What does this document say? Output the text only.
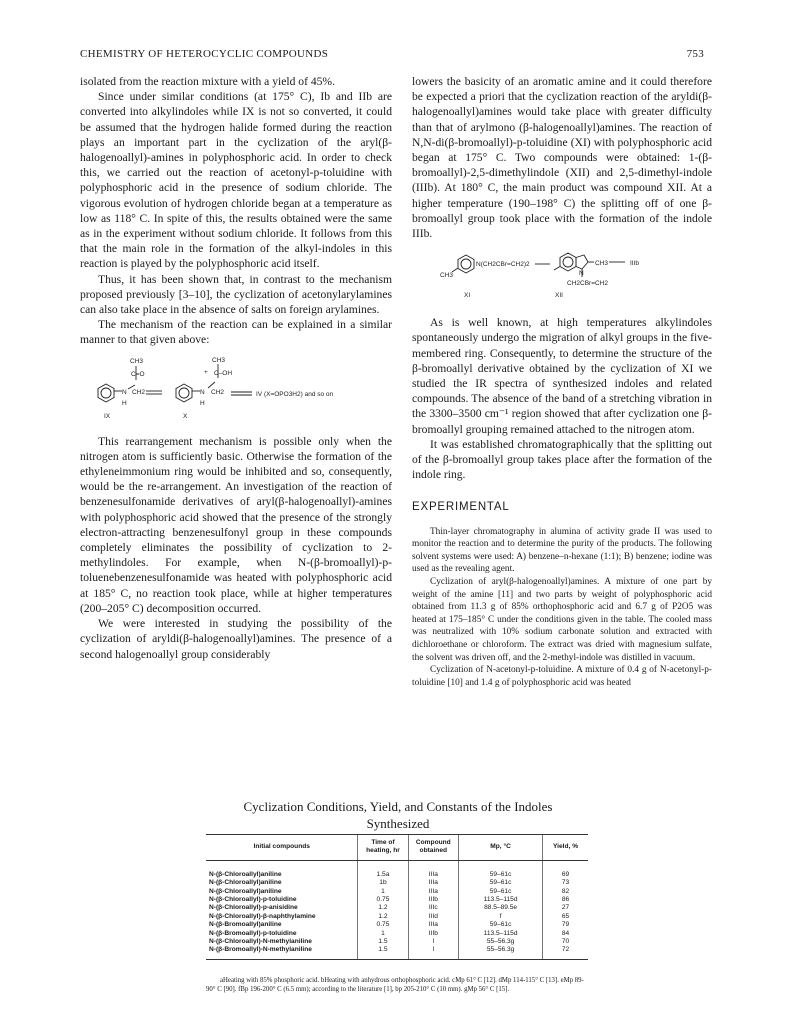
CHEMISTRY OF HETEROCYCLIC COMPOUNDS	753

isolated from the reaction mixture with a yield of 45%.

Since under similar conditions (at 175° C), Ib and IIb are converted into alkylindoles while IX is not so converted, it could be assumed that the hydrogen halide formed during the reaction plays an important part in the cyclization of the aryl(β-halogenoallyl)-amines in polyphosphoric acid. In order to check this, we carried out the reaction of acetonyl-p-toluidine with polyphosphoric acid in the presence of sodium chloride. The vigorous evolution of hydrogen chloride began at a temperature as low as 118° C. In spite of this, the results obtained were the same as in the experiment without sodium chloride. It follows from this that the main role in the formation of the alkyl-indoles in this reaction is played by the polyphosphoric acid itself.

Thus, it has been shown that, in contrast to the mechanism proposed previously [3–10], the cyclization of acetonylarylamines can also take place in the absence of salts on foreign arylamines.

The mechanism of the reaction can be explained in a similar manner to that given above:

CH3
C=O
H
N CH2
CH3
C–OH
+
N
H
CH2	IV (X=OPO3H2) and so on
IX	X

This rearrangement mechanism is possible only when the nitrogen atom is sufficiently basic. Otherwise the formation of the ethyleneimmonium ring would be inhibited and so, consequently, would be the re-arrangement. An investigation of the reaction of benzenesulfonamide derivatives of aryl(β-halogenoallyl)-amines with polyphosphoric acid showed that the presence of the strongly electron-attracting benzenesulfonyl group in these compounds completely eliminates the possibility of cyclization to 2-methylindoles. For example, when N-(β-bromoallyl)-p-toluenebenzenesulfonamide was heated with polyphosphoric acid at 185° C, no reaction took place, while at higher temperatures (200–205° C) decomposition occurred.

We were interested in studying the possibility of the cyclization of aryldi(β-halogenoallyl)amines. The presence of a second halogenoallyl group considerably

lowers the basicity of an aromatic amine and it could therefore be expected a priori that the cyclization reaction of the aryldi(β-halogenoallyl)amines would take place with greater difficulty than that of arylmono (β-halogenoallyl)amines. The reaction of N,N-di(β-bromoallyl)-p-toluidine (XI) with polyphosphoric acid began at 175° C. Two compounds were obtained: 1-(β-bromoallyl)-2,5-dimethylindole (XII) and 2,5-dimethyl-indole (IIIb). At 180° C, the main product was compound XII. At a higher temperature (190–198° C) the splitting off of one β-bromoallyl group took place with the formation of the indole IIIb.

N(CH2CBr=CH2)2
CH3
CH3
N
CH2CBr=CH2
IIIb
XI	XII

As is well known, at high temperatures alkylindoles spontaneously undergo the migration of alkyl groups in the five-membered ring. Consequently, to determine the structure of the β-bromoallyl derivative obtained by the cyclization of XI we studied the IR spectra of synthesized indoles and related compounds. The absence of the band of a stretching vibration in the 3300–3500 cm⁻¹ region showed that after cyclization one β-bromoallyl grouping remained attached to the nitrogen atom.

It was established chromatographically that the splitting out of the β-bromoallyl group takes place after the formation of the indole ring.

EXPERIMENTAL

Thin-layer chromatography in alumina of activity grade II was used to monitor the reaction and to determine the purity of the products. The following solvent systems were used: A) benzene–n-hexane (1:1); B) benzene; iodine was used as the revealing agent.

Cyclization of aryl(β-halogenoallyl)amines. A mixture of one part by weight of the amine [11] and two parts by weight of polyphosphoric acid obtained from 11.3 g of 85% orthophosphoric acid and 6.7 g of P2O5 was heated at 175–185° C under the conditions given in the table. The cooled mass was neutralized with 10% sodium carbonate solution and extracted with dichloroethane or chloroform. The extract was dried with magnesium sulfate, the solvent was driven off, and the 2-methyl-indole was distilled in vacuum.

Cyclization of N-acetonyl-p-toluidine. A mixture of 0.4 g of N-acetonyl-p-toluidine [10] and 1.4 g of polyphosphoric acid was heated

Cyclization Conditions, Yield, and Constants of the Indoles
Synthesized
Initial compounds	Time of heating, hr	Compound obtained	Mp, °C	Yield, %
N-(β-Chloroallyl)aniline	1.5a	IIIa	59–61c	69
N-(β-Chloroallyl)aniline	1b	IIIa	59–61c	73
N-(β-Chloroallyl)aniline	1	IIIa	59–61c	82
N-(β-Chloroallyl)-p-toluidine	0.75	IIIb	113.5–115d	86
N-(β-Chloroallyl)-p-anisidine	1.2	IIIc	88.5–89.5e	27
N-(β-Chloroallyl)-β-naphthylamine	1.2	IIId	f	65
N-(β-Bromoallyl)aniline	0.75	IIIa	59–61c	79
N-(β-Bromoallyl)-p-toluidine	1	IIIb	113.5–115d	84
N-(β-Chloroallyl)-N-methylaniline	1.5	I	55–56.3g	70
N-(β-Bromoallyl)-N-methylaniline	1.5	I	55–56.3g	72
aHeating with 85% phosphoric acid. bHeating with anhydrous orthophosphoric acid. cMp 61° C [12]. dMp 114-115° C [13]. eMp 89-90° C [90]. fBp 196-200° C (6.5 mm); according to the literature [1], bp 205-210° C (10 mm). gMp 56° C [15].
